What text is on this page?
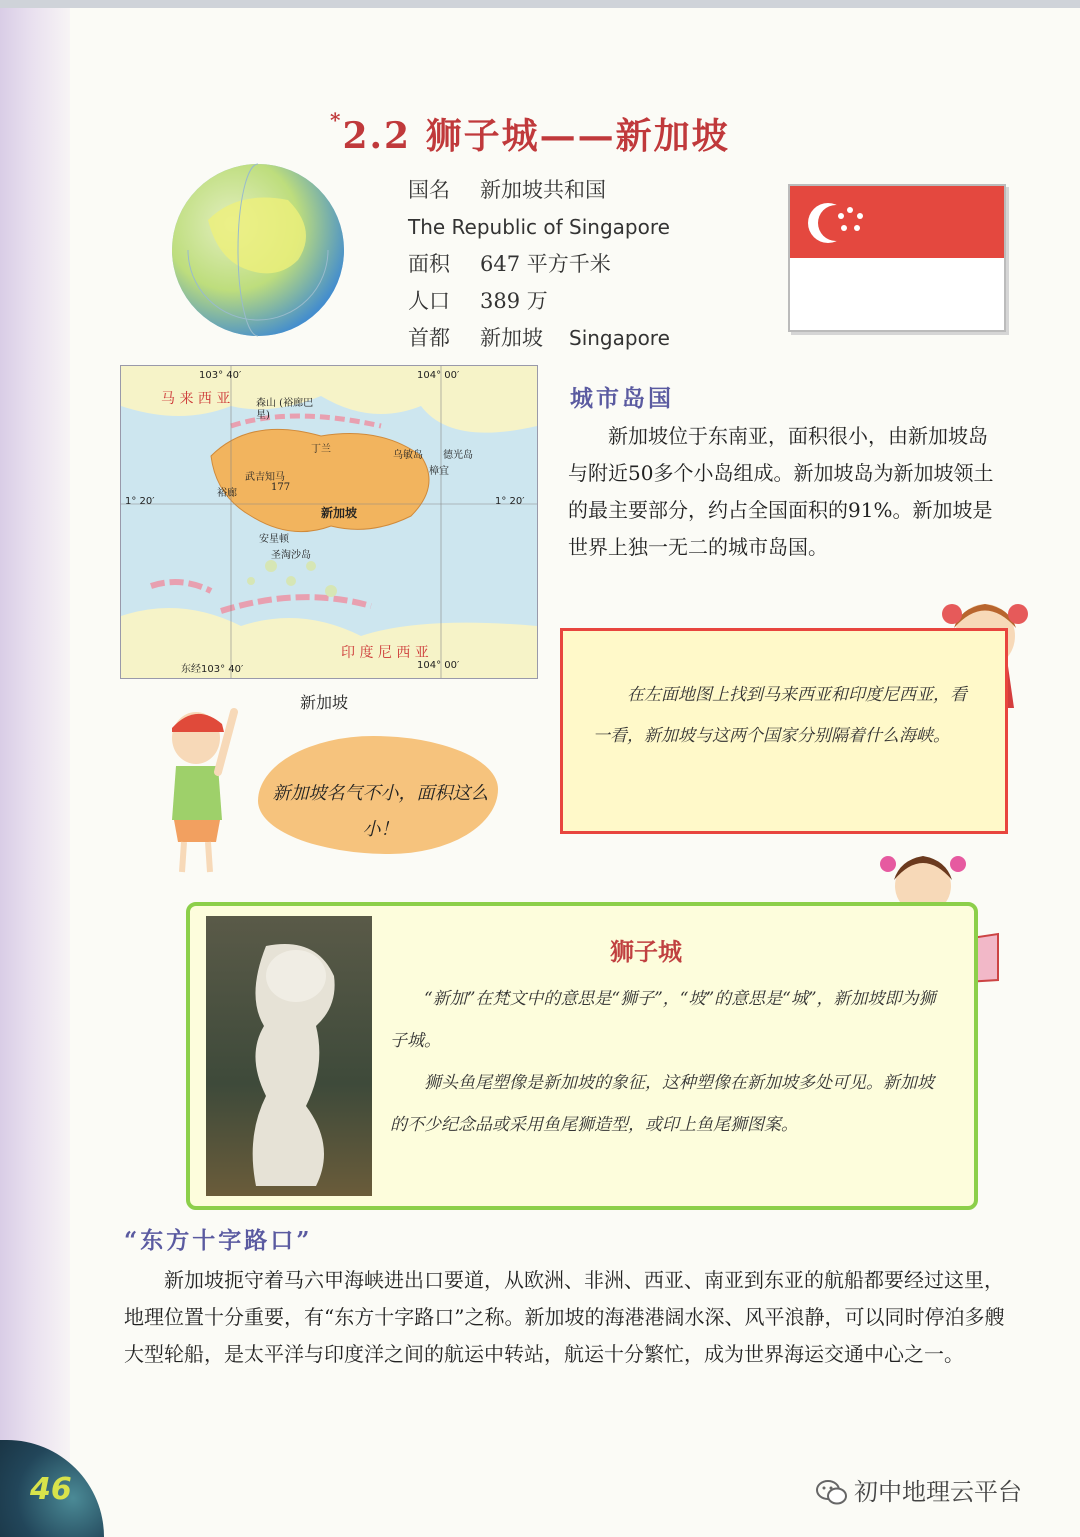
*2.2 狮子城——新加坡
国名 新加坡共和国
The Republic of Singapore
面积 647 平方千米
人口 389 万
首都 新加坡 Singapore
103° 40′	104° 00′
1° 20′	1° 20′
东经103° 40′	104° 00′
马 来 西 亚
印 度 尼 西 亚
森山 (裕廊巴星)
丁兰
武吉知马
裕廊
177
新加坡
乌敏岛 德光岛
樟宜
安星顿
圣淘沙岛
新加坡
城市岛国

新加坡位于东南亚，面积很小，由新加坡岛与附近50多个小岛组成。新加坡岛为新加坡领土的最主要部分，约占全国面积的91%。新加坡是世界上独一无二的城市岛国。

在左面地图上找到马来西亚和印度尼西亚，看一看，新加坡与这两个国家分别隔着什么海峡。
新加坡名气不小，面积这么小！
狮子城

“新加”在梵文中的意思是“狮子”，“坡”的意思是“城”，新加坡即为狮子城。

狮头鱼尾塑像是新加坡的象征，这种塑像在新加坡多处可见。新加坡的不少纪念品或采用鱼尾狮造型，或印上鱼尾狮图案。

“东方十字路口”

新加坡扼守着马六甲海峡进出口要道，从欧洲、非洲、西亚、南亚到东亚的航船都要经过这里，地理位置十分重要，有“东方十字路口”之称。新加坡的海港港阔水深、风平浪静，可以同时停泊多艘大型轮船，是太平洋与印度洋之间的航运中转站，航运十分繁忙，成为世界海运交通中心之一。

46	初中地理云平台
